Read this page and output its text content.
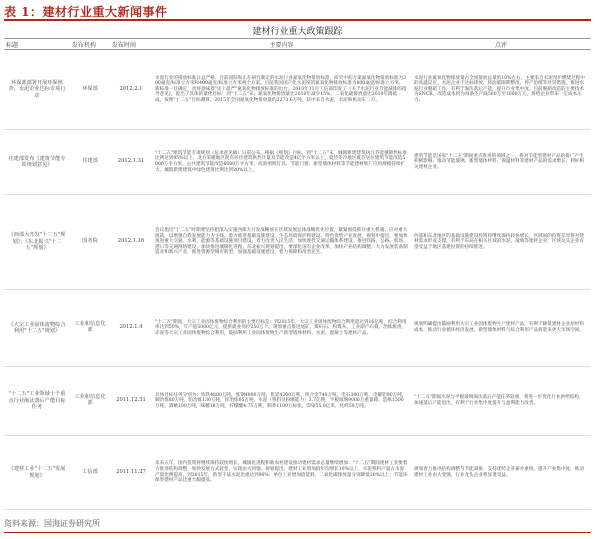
表 1：建材行业重大新闻事件
建材行业重大政策跟踪
标题	发布机构	发布时间	主要内容	点评
环保部部署开展环保核查、水泥企业达标专项行动	环保部	2012.2.1	水泥行业的排放标准日益严格。目前国际和正在研究制定的水泥行业氮氧化物排放标准，研究中的方案氮氧化物排放标准为300毫克/标准立方米和400毫克/标准立方米两个方案。目前我国国产化水泥窑的氮氧化物排放标准为800毫克/标准立方米，新标准一旦确定，也将意味着"史上最严"氮氧化物排放标准的出台。2010年11月工信部印发了《关于水泥行业节能减排的指导意见》，提出了具体的量化目标：到"十二五"末，氮氧化物排放量比2010年减少15%。二氧化硫排放量比2010年降低一成。按照"十二五"目标测算，2015年全国氮氧化物排放量约2273.6万吨，其中来自水泥、水泥和机动车三方。	水泥行业氮氧化物排放量占全国排放总量的10%左右，主要来自水泥窑炉燃烧过程中的高温反应。水泥企业不达标排放，将面临限期整改、停产治理等处罚措施。推进水泥行业脱硝工作，有利于淘汰落后产能，提升行业集中度。目前脱硝改造的主要技术为SNCR，改造成本约为每条生产线500万至1000万元，将给企业带来一定成本压力。
住建部发布《建筑节能专项规划意见》	住建部	2012.1.31	"十二五"建筑节能专项规划（征求意见稿）日前公布。根据《规划》目标，到"十二五"末，城镇新建建筑执行节能强制性标准比例达到95%以上，北方采暖地区既有居住建筑供热计量及节能改造4亿平方米以上，夏热冬冷地区既有居住建筑节能改造5000万平方米，公共建筑节能改造6000万平方米，高效照明灯具、节能门窗、新型墙体材料等节能建材推广应用规模持续扩大。城镇新建建筑中绿色建筑比例达到20%以上。	建筑节能是国家"十二五"期间重点推进的领域之一，将对节能型建材产品的推广产生积极影响，推动节能玻璃、新型墙体材料、保温材料等建材产品的需求增长，利好相关建材企业。
《西部大开发"十二五"规划》、《东北振兴"十二五"规划》	国务院	2012.1.16	会议指出"十二五"时期要坚持把深入实施西部大开发战略放在区域发展总体战略优先位置，紧紧围绕抓住重大机遇、应对重大挑战，以增强自我发展能力为主线，着力推进基础设施建设、生态环境保护和建设、特色优势产业发展。规划中提出，要加快推进重大交通、水利、能源等基础设施项目建设，着力改善人民生活；加快现代交通运输体系建设，推进铁路、公路、机场、港口等交通网络建设，加快推进城镇化进程。东北振兴规划提出，要深化国有企业改革，加快产业结构调整，大力发展装备制造业和新兴产业，推进资源型城市转型，加强基础设施建设，着力保障和改善民生。	西部和东北地区的基础设施建设投资将继续保持较快增长，区域间的投资差异将对建材需求形成支撑，有利于布局在相关区域的水泥、玻璃等建材企业，区域龙头企业有望受益于地区基建投资的持续推进。
《大宗工业固体废物综合利用"十二五"规划》	工业和信息化部	2012.1.4	"十二五"期间，大宗工业固体废物综合利用的主要目标是：到2015年，大宗工业固体废物综合利用量达到16亿吨，综合利用率达到50%，年产值5000亿元，提供就业岗位250万个。规划重点推进尾矿、煤矸石、粉煤灰、工业副产石膏、冶炼废渣、赤泥等大宗工业固体废物综合利用，鼓励利用工业固体废物生产新型墙体材料、水泥、混凝土等建材产品。	规划明确提出鼓励利用大宗工业固体废物生产建材产品，有利于降低建材企业原材料成本，推动行业循环经济发展，新型墙体材料与综合利用产品将迎来更大市场空间。
"十二五"工业领域十个重点行业淘汰落后产能目标任务	工业和信息化部	2011.12.31	具体目标任务分别为：炼铁4800万吨，炼钢4800万吨，焦炭4200万吨，铁合金740万吨，电石380万吨，电解铝90万吨，铜冶炼80万吨，铅冶炼130万吨，锌冶炼65万吨，水泥（熟料及粉磨能力）3.7亿吨，平板玻璃9000万重量箱，造纸1500万吨，酒精100万吨，味精18万吨，柠檬酸4.75万吨，制革1100万标张，印染55.8亿米，化纤59万吨。	"十二五"期间水泥与平板玻璃淘汰落后产能任务较重，将进一步优化行业供给结构，加速落后产能退出，有利于行业集中度提升与盈利能力改善。
《建材工业"十二五"发展规划》	工信部	2011.11.27	未来五年，国内投资将继续保持较快增长，城镇化进程和新农村建设推动建材需求总量继续增加；"十二五"期间建材工业要着力推进结构调整，加快发展方式转变，实现由大到强。规划提出，建材工业增加值年均增长10%以上，水泥熟料产量占水泥产量比例提高，到2015年，新型干法水泥比重达到90%；单位工业增加值能耗、二氧化碳排放量分别降低20%以上；节能环保型建材产品比重大幅提高。	规划着力推进结构调整与节能减排，支持优势企业兼并重组，提升产业集中度，推动建材工业由大变强，行业龙头企业将显著受益。
资料来源：国海证券研究所
